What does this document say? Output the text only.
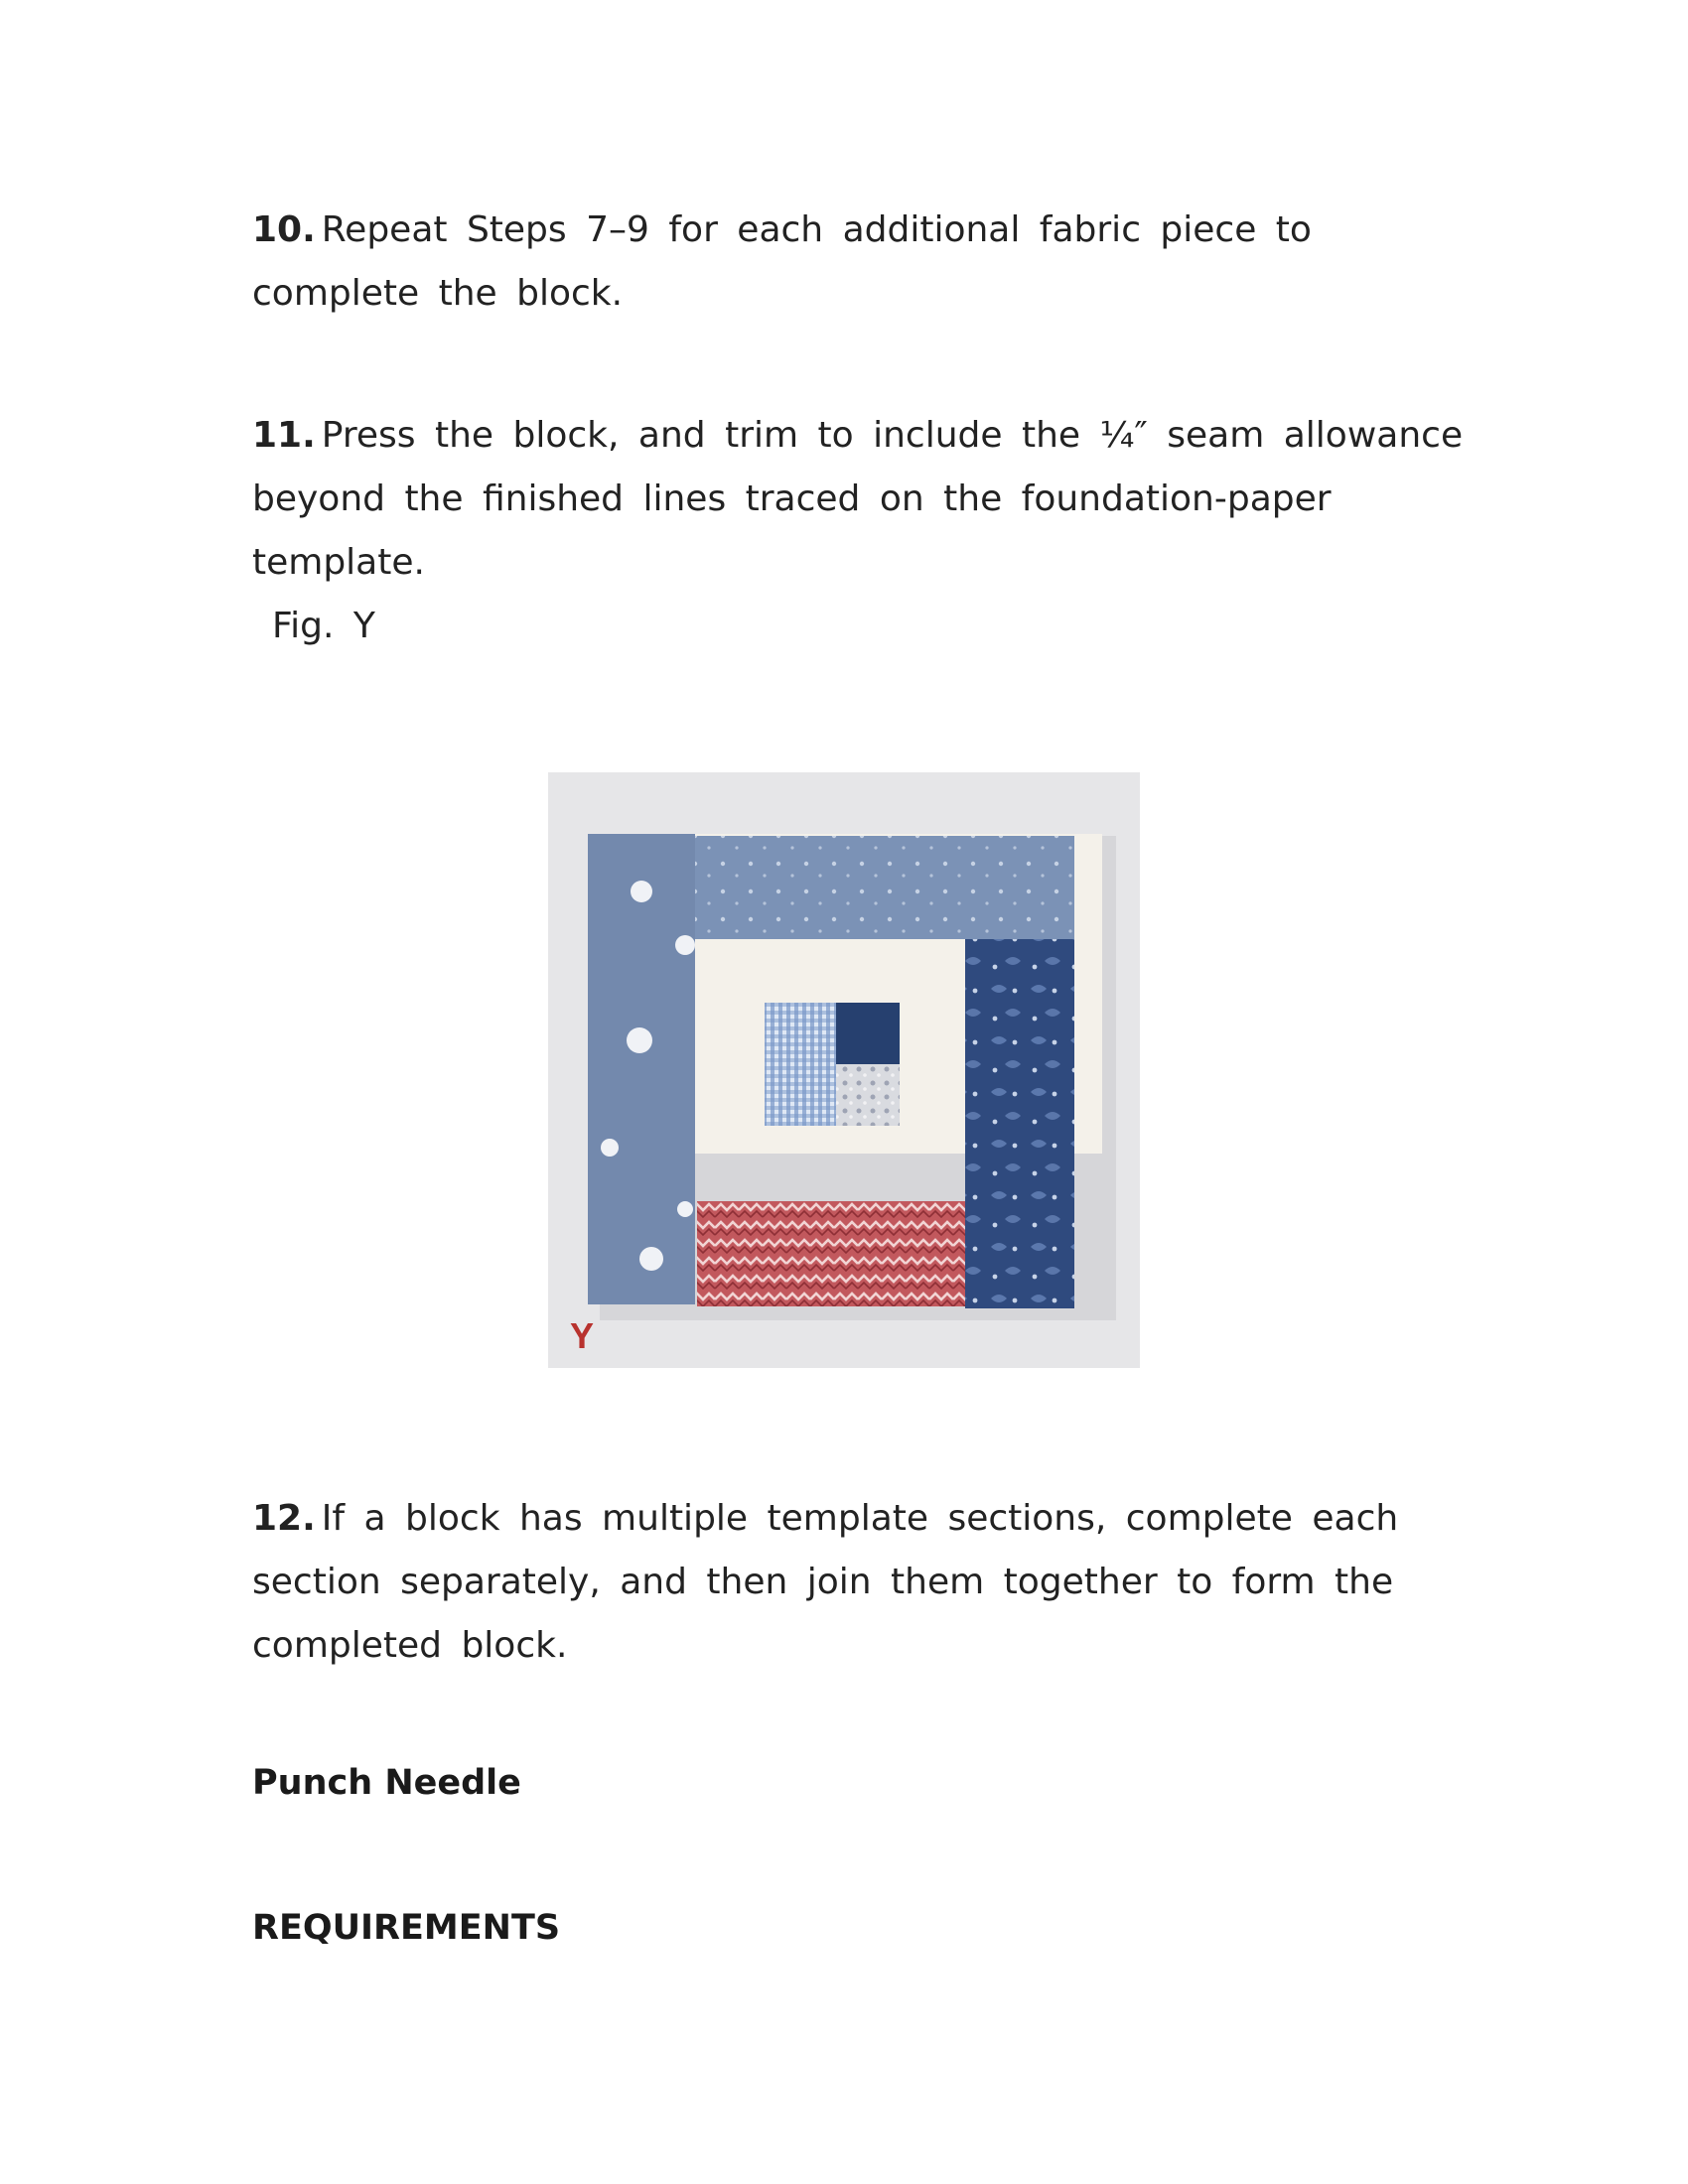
10. Repeat Steps 7–9 for each additional fabric piece to complete the block.

11. Press the block, and trim to include the ¼″ seam allowance beyond the finished lines traced on the foundation-paper template.
Fig. Y

Y

12. If a block has multiple template sections, complete each section separately, and then join them together to form the completed block.

Punch Needle
REQUIREMENTS
